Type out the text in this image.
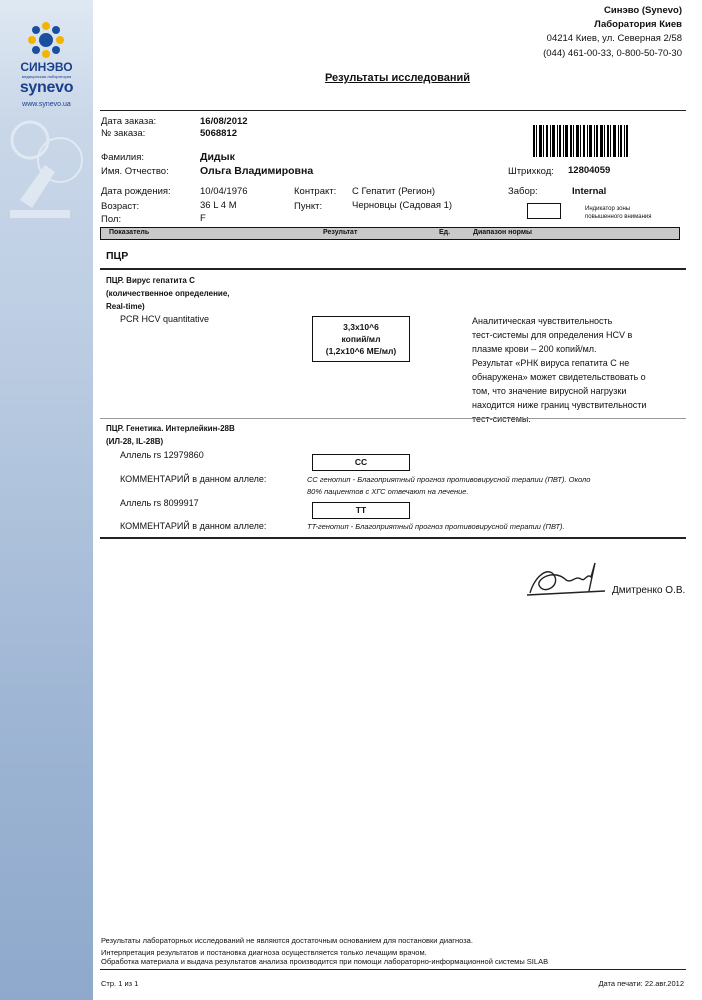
СИНЭВО
медицинская лаборатория
synevo
www.synevo.ua
Синэво (Synevo)
Лаборатория Киев
04214 Киев, ул. Северная 2/58
(044) 461-00-33, 0-800-50-70-30
Результаты исследований
Дата заказа:	16/08/2012
№ заказа:	5068812
Фамилия:	Дидык
Имя. Отчество:	Ольга Владимировна	Штрихкод: 12804059
Дата рождения:	10/04/1976	Контракт: С Гепатит (Регион)	Забор:	Internal
Возраст:	36 L 4 M	Пункт:	Черновцы (Садовая 1)	Индикатор зоны
повышенного внимания
Пол:	F
Показатель	Результат	Ед.	Диапазон нормы
ПЦР
ПЦР. Вирус гепатита С
(количественное определение,
Real-time)
PCR HCV quantitative
3,3x10^6
копий/мл
(1,2x10^6 МЕ/мл)
Аналитическая чувствительность
тест-системы для определения HCV в
плазме крови – 200 копий/мл.
Результат «РНК вируса гепатита С не
обнаружена» может свидетельствовать о
том, что значение вирусной нагрузки
находится ниже границ чувствительности
тест-системы.
ПЦР. Генетика. Интерлейкин-28В
(ИЛ-28, IL-28B)
Аллель rs 12979860
CC
КОММЕНТАРИЙ в данном аллеле:	CC генотип - Благоприятный прогноз противовирусной терапии (ПВТ). Около
80% пациентов с ХГС отвечают на лечение.
Аллель rs 8099917
TT
КОММЕНТАРИЙ в данном аллеле:	TT-генотип - Благоприятный прогноз противовирусной терапии (ПВТ).
Дмитренко О.В.
Результаты лабораторных исследований не являются достаточным основанием для постановки диагноза.
Интерпретация результатов и постановка диагноза осуществляется только лечащим врачом.
Обработка материала и выдача результатов анализа производится при помощи лабораторно-информационной системы SILAB
Стр. 1 из 1	Дата печати: 22.авг.2012
